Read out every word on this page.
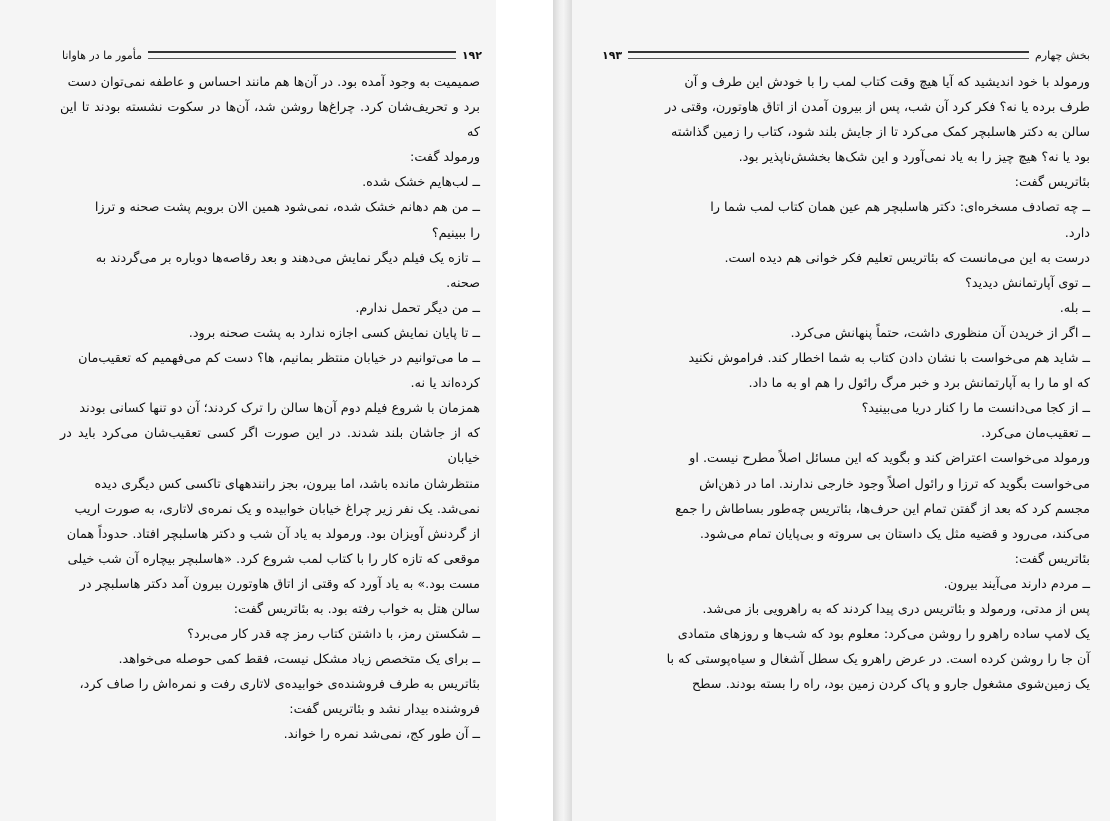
۱۹۲
مأمور ما در هاوانا

صمیمیت به وجود آمده بود. در آن‌ها هم مانند احساس و عاطفه نمی‌توان دست

برد و تحریف‌شان کرد. چراغ‌ها روشن شد، آن‌ها در سکوت نشسته بودند تا این که

ورمولد گفت:

ــ لب‌هایم خشک شده.

ــ من هم دهانم خشک شده، نمی‌شود همین الان برویم پشت صحنه و ترزا

را ببینیم؟

ــ تازه یک فیلم دیگر نمایش می‌دهند و بعد رقاصه‌ها دوباره بر می‌گردند به

صحنه.

ــ من دیگر تحمل ندارم.

ــ تا پایان نمایش کسی اجازه ندارد به پشت صحنه برود.

ــ ما می‌توانیم در خیابان منتظر بمانیم، ها؟ دست کم می‌فهمیم که تعقیب‌مان

کرده‌اند یا نه.

همزمان با شروع فیلم دوم آن‌ها سالن را ترک کردند؛ آن دو تنها کسانی بودند

که از جاشان بلند شدند. در این صورت اگر کسی تعقیب‌شان می‌کرد باید در خیابان

منتظرشان مانده باشد، اما بیرون، بجز رانندههای تاکسی کس دیگری دیده

نمی‌شد. یک نفر زیر چراغ خیابان خوابیده و یک نمره‌ی لاتاری، به صورت اریب

از گردنش آویزان بود. ورمولد به یاد آن شب و دکتر هاسلبچر افتاد. حدوداً همان

موقعی که تازه کار را با کتاب لمب شروع کرد. «هاسلبچر بیچاره آن شب خیلی

مست بود.» به یاد آورد که وقتی از اتاق هاوتورن بیرون آمد دکتر هاسلبچر در

سالن هتل به خواب رفته بود. به بئاتریس گفت:

ــ شکستن رمز، با داشتن کتاب رمز چه قدر کار می‌برد؟

ــ برای یک متخصص زیاد مشکل نیست، فقط کمی حوصله می‌خواهد.

بئاتریس به طرف فروشنده‌ی خوابیده‌ی لاتاری رفت و نمره‌اش را صاف کرد،

فروشنده بیدار نشد و بئاتریس گفت:

ــ آن طور کج، نمی‌شد نمره را خواند.

بخش چهارم
۱۹۳

ورمولد با خود اندیشید که آیا هیچ وقت کتاب لمب را با خودش این طرف و آن

طرف برده یا نه؟ فکر کرد آن شب، پس از بیرون آمدن از اتاق هاوتورن، وقتی در

سالن به دکتر هاسلبچر کمک می‌کرد تا از جایش بلند شود، کتاب را زمین گذاشته

بود یا نه؟ هیچ چیز را به یاد نمی‌آورد و این شک‌ها بخشش‌ناپذیر بود.

بئاتریس گفت:

ــ چه تصادف مسخره‌ای: دکتر هاسلبچر هم عین همان کتاب لمب شما را

دارد.

درست به این می‌مانست که بئاتریس تعلیم فکر خوانی هم دیده است.

ــ توی آپارتمانش دیدید؟

ــ بله.

ــ اگر از خریدن آن منظوری داشت، حتماً پنهانش می‌کرد.

ــ شاید هم می‌خواست با نشان دادن کتاب به شما اخطار کند. فراموش نکنید

که او ما را به آپارتمانش برد و خبر مرگ رائول را هم او به ما داد.

ــ از کجا می‌دانست ما را کنار دریا می‌بینید؟

ــ تعقیب‌مان می‌کرد.

ورمولد می‌خواست اعتراض کند و بگوید که این مسائل اصلاً مطرح نیست. او

می‌خواست بگوید که ترزا و رائول اصلاً وجود خارجی ندارند. اما در ذهن‌اش

مجسم کرد که بعد از گفتن تمام این حرف‌ها، بئاتریس چه‌طور بساطاش را جمع

می‌کند، می‌رود و قضیه مثل یک داستان بی سروته و بی‌پایان تمام می‌شود.

بئاتریس گفت:

ــ مردم دارند می‌آیند بیرون.

پس از مدتی، ورمولد و بئاتریس دری پیدا کردند که به راهرویی باز می‌شد.

یک لامپ ساده راهرو را روشن می‌کرد: معلوم بود که شب‌ها و روزهای متمادی

آن جا را روشن کرده است. در عرض راهرو یک سطل آشغال و سیاه‌پوستی که با

یک زمین‌شوی مشغول جارو و پاک کردن زمین بود، راه را بسته بودند. سطح
